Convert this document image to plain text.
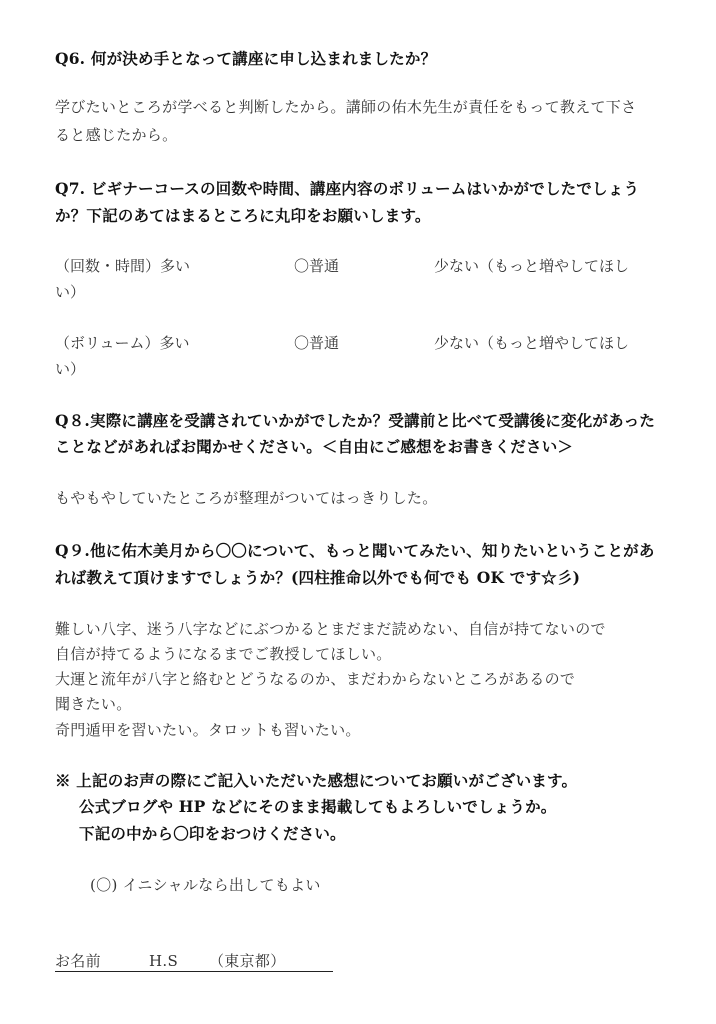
Q6. 何が決め手となって講座に申し込まれましたか？
学びたいところが学べると判断したから。講師の佑木先生が責任をもって教えて下さ
ると感じたから。
Q7. ビギナーコースの回数や時間、講座内容のボリュームはいかがでしたでしょう
か？下記のあてはまるところに丸印をお願いします。
（回数・時間）多い	〇普通	少ない（もっと増やしてほし
い）
（ボリューム）多い	〇普通	少ない（もっと増やしてほし
い）
Q８.実際に講座を受講されていかがでしたか？受講前と比べて受講後に変化があった
ことなどがあればお聞かせください。＜自由にご感想をお書きください＞
もやもやしていたところが整理がついてはっきりした。
Q９.他に佑木美月から〇〇について、もっと聞いてみたい、知りたいということがあ
れば教えて頂けますでしょうか？(四柱推命以外でも何でも OK です☆彡)
難しい八字、迷う八字などにぶつかるとまだまだ読めない、自信が持てないので
自信が持てるようになるまでご教授してほしい。
大運と流年が八字と絡むとどうなるのか、まだわからないところがあるので
聞きたい。
奇門遁甲を習いたい。タロットも習いたい。
※ 上記のお声の際にご記入いただいた感想についてお願いがございます。
公式ブログや HP などにそのまま掲載してもよろしいでしょうか。
下記の中から〇印をおつけください。
(〇) イニシャルなら出してもよい
お名前	H.S （東京都）
